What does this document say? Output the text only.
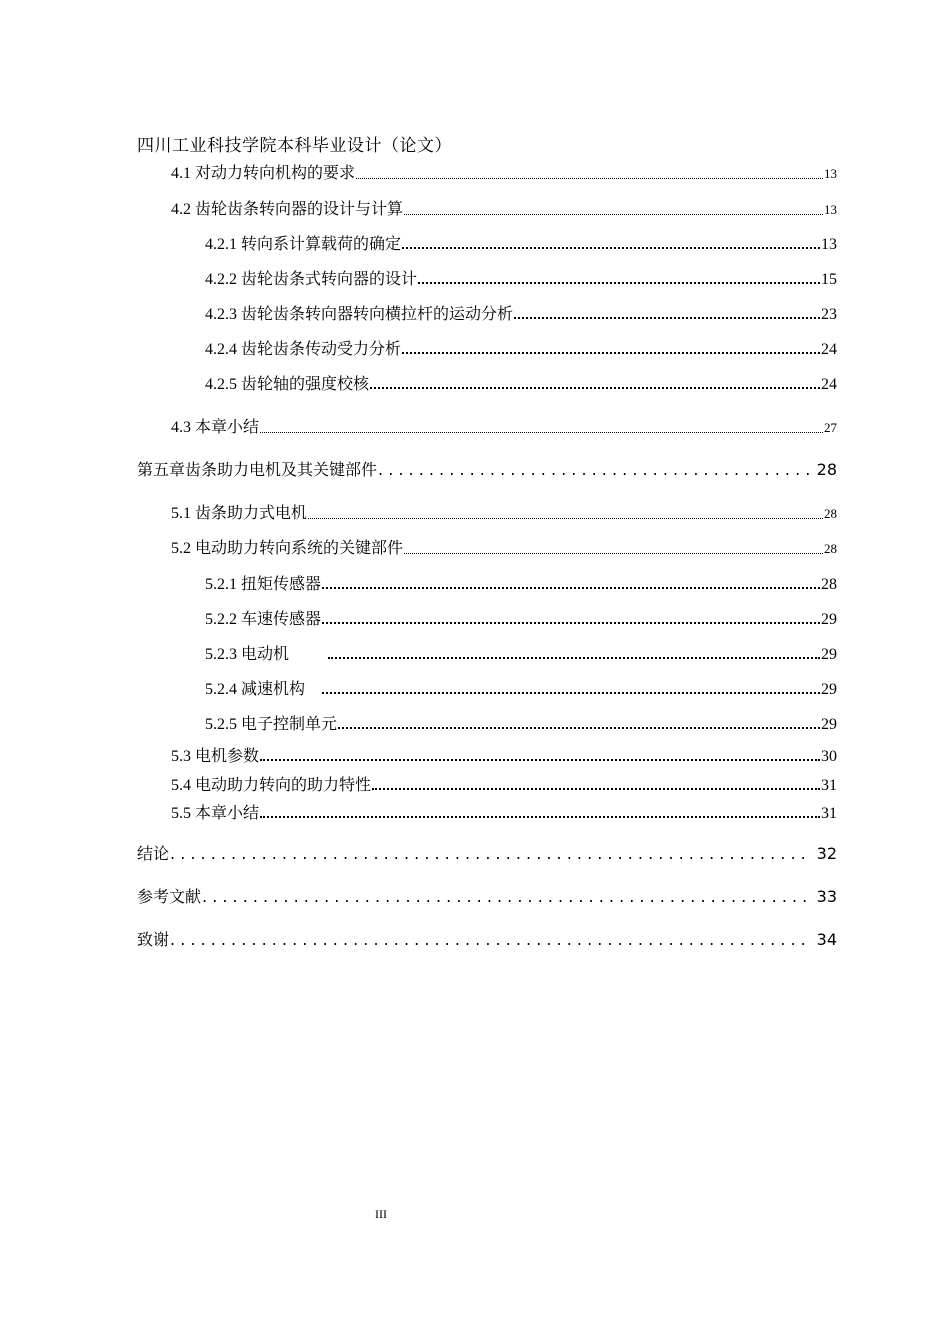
四川工业科技学院本科毕业设计（论文）
4.1 对动力转向机构的要求	13
4.2 齿轮齿条转向器的设计与计算	13
4.2.1 转向系计算载荷的确定	13
4.2.2 齿轮齿条式转向器的设计	15
4.2.3 齿轮齿条转向器转向横拉杆的运动分析	23
4.2.4 齿轮齿条传动受力分析	24
4.2.5 齿轮轴的强度校核	24
4.3 本章小结	27
第五章齿条助力电机及其关键部件 . . .	28
5.1 齿条助力式电机	28
5.2 电动助力转向系统的关键部件	28
5.2.1 扭矩传感器	28
5.2.2 车速传感器	29
5.2.3 电动机	29
5.2.4 减速机构	29
5.2.5 电子控制单元	29
5.3 电机参数	30
5.4 电动助力转向的助力特性	31
5.5 本章小结	31
结论 . . .	32
参考文献 . . .	33
致谢 . . .	34
III
